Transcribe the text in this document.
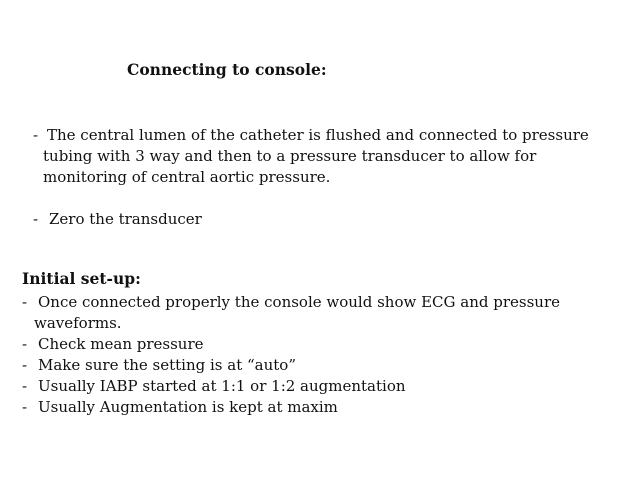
Connecting to console:
- The central lumen of the catheter is flushed and connected to pressure
tubing with 3 way and then to a pressure transducer to allow for
monitoring of central aortic pressure.
- Zero the transducer
Initial set-up:
- Once connected properly the console would show ECG and pressure
waveforms.
- Check mean pressure
- Make sure the setting is at “auto”
- Usually IABP started at 1:1 or 1:2 augmentation
- Usually Augmentation is kept at maxim
